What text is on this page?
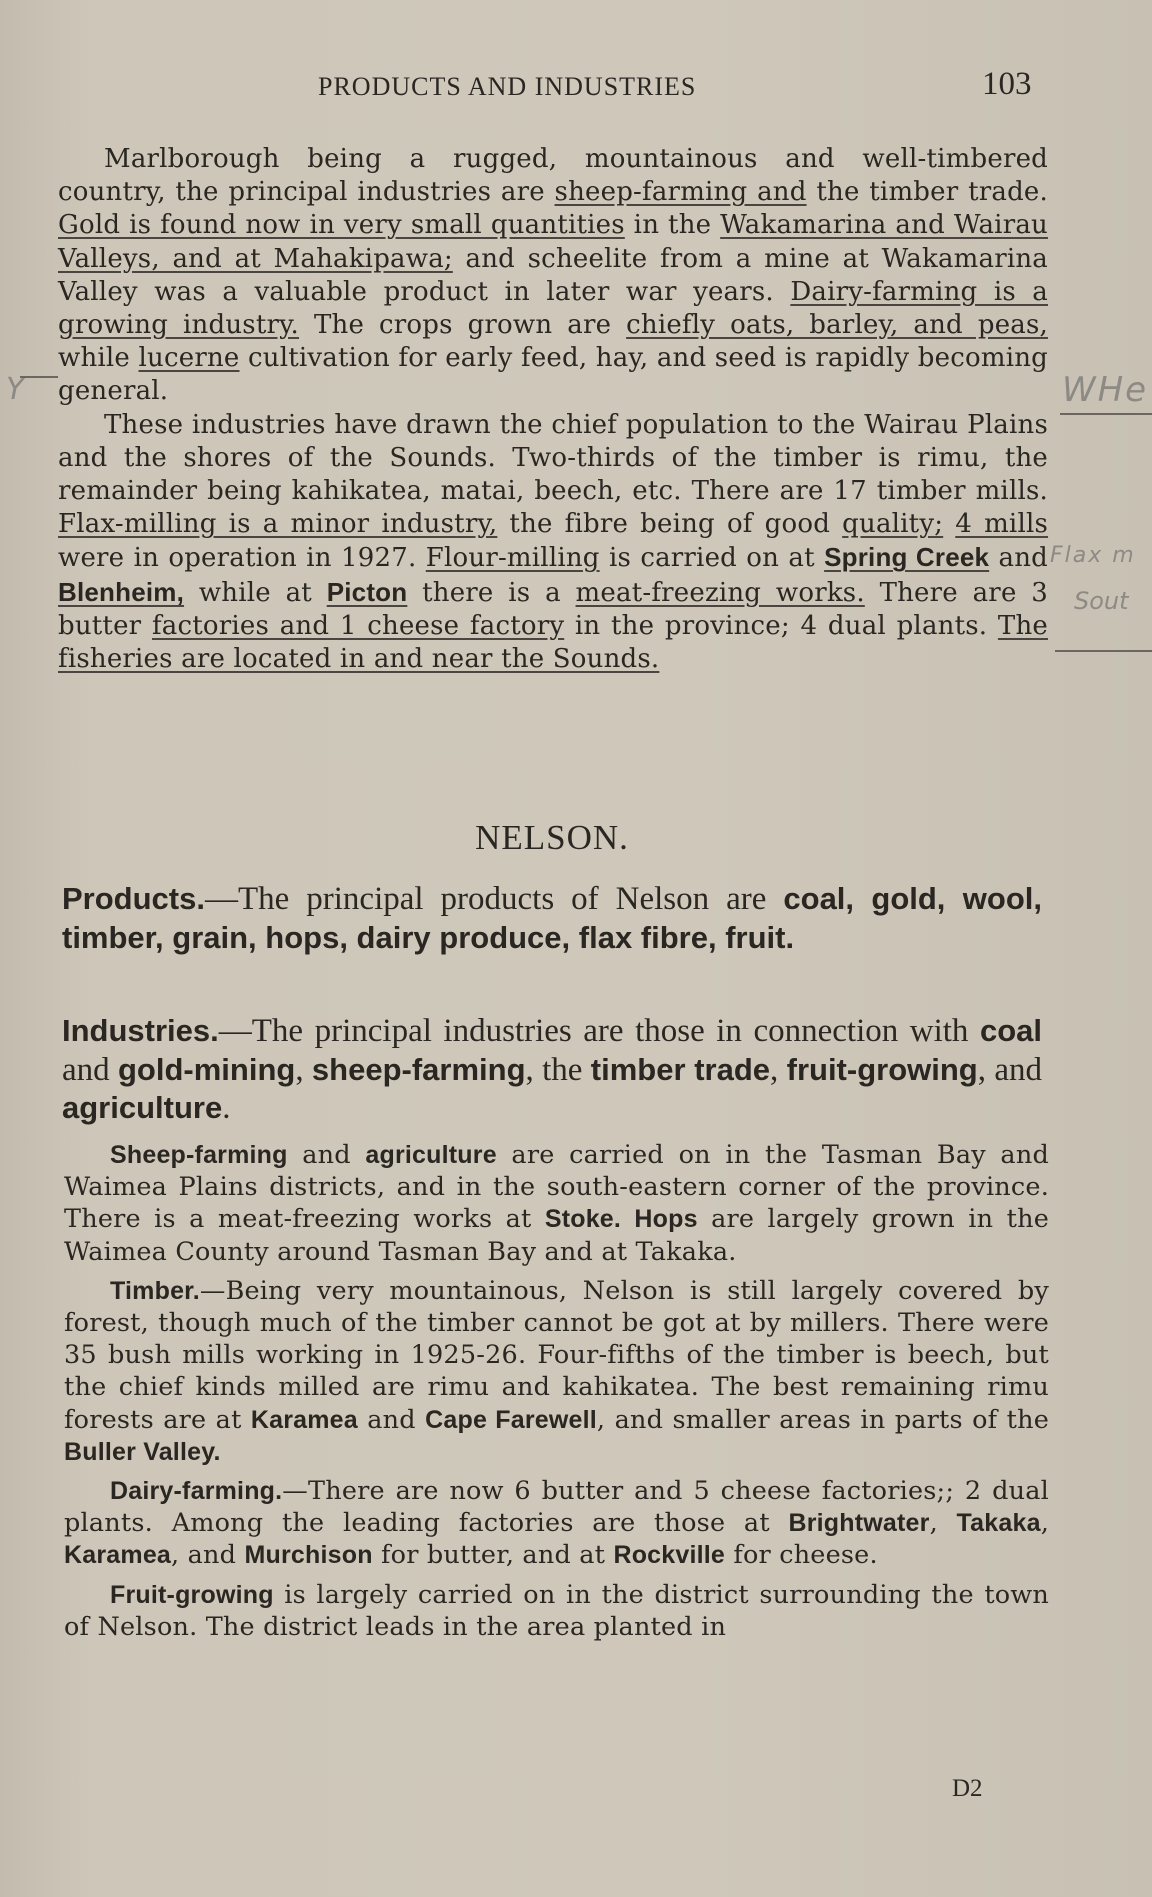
PRODUCTS AND INDUSTRIES	103

Marlborough being a rugged, mountainous and well-timbered country, the principal industries are sheep-farming and the timber trade. Gold is found now in very small quantities in the Wakamarina and Wairau Valleys, and at Mahakipawa; and scheelite from a mine at Wakamarina Valley was a valuable product in later war years. Dairy-farming is a growing industry. The crops grown are chiefly oats, barley, and peas, while lucerne cultivation for early feed, hay, and seed is rapidly becoming general.

These industries have drawn the chief population to the Wairau Plains and the shores of the Sounds. Two-thirds of the timber is rimu, the remainder being kahikatea, matai, beech, etc. There are 17 timber mills. Flax-milling is a minor industry, the fibre being of good quality; 4 mills were in operation in 1927. Flour-milling is carried on at Spring Creek and Blenheim, while at Picton there is a meat-freezing works. There are 3 butter factories and 1 cheese factory in the province; 4 dual plants. The fisheries are located in and near the Sounds.

NELSON.

Products.—The principal products of Nelson are coal, gold, wool, timber, grain, hops, dairy produce, flax fibre, fruit.

Industries.—The principal industries are those in connection with coal and gold-mining, sheep-farming, the timber trade, fruit-growing, and agriculture.

Sheep-farming and agriculture are carried on in the Tasman Bay and Waimea Plains districts, and in the south-eastern corner of the province. There is a meat-freezing works at Stoke. Hops are largely grown in the Waimea County around Tasman Bay and at Takaka.

Timber.—Being very mountainous, Nelson is still largely covered by forest, though much of the timber cannot be got at by millers. There were 35 bush mills working in 1925-26. Four-fifths of the timber is beech, but the chief kinds milled are rimu and kahikatea. The best remaining rimu forests are at Karamea and Cape Farewell, and smaller areas in parts of the Buller Valley.

Dairy-farming.—There are now 6 butter and 5 cheese factories;; 2 dual plants. Among the leading factories are those at Brightwater, Takaka, Karamea, and Murchison for butter, and at Rockville for cheese.

Fruit-growing is largely carried on in the district surrounding the town of Nelson. The district leads in the area planted in

D2
Y	WHe
Flax m
Sout
